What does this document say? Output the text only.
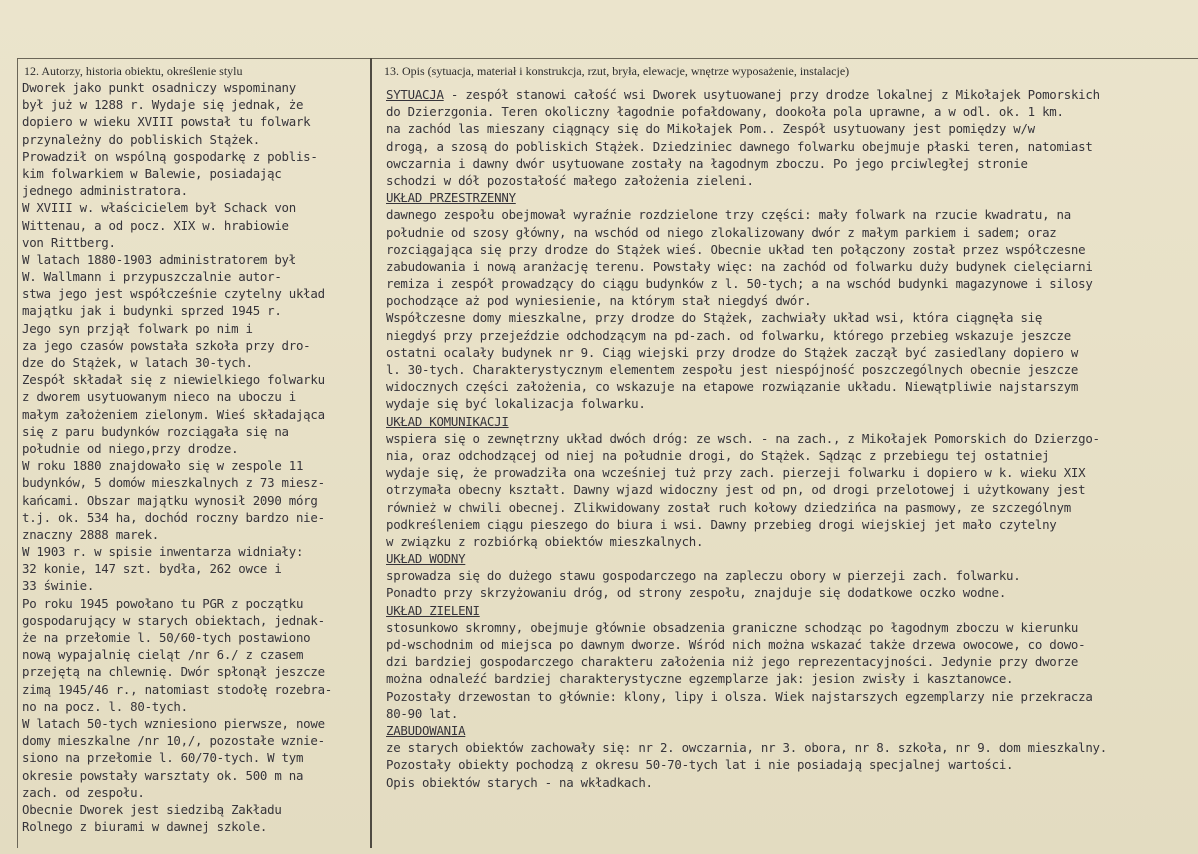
12. Autorzy, historia obiektu, określenie stylu	13. Opis (sytuacja, materiał i konstrukcja, rzut, bryła, elewacje, wnętrze wyposażenie, instalacje)
Dworek jako punkt osadniczy wspominany
był już w 1288 r. Wydaje się jednak, że
dopiero w wieku XVIII powstał tu folwark
przynależny do pobliskich Stążek.
Prowadził on wspólną gospodarkę z poblis-
kim folwarkiem w Balewie, posiadając
jednego administratora.
W XVIII w. właścicielem był Schack von
Wittenau, a od pocz. XIX w. hrabiowie
von Rittberg.
W latach 1880-1903 administratorem był
W. Wallmann i przypuszczalnie autor-
stwa jego jest współcześnie czytelny układ
majątku jak i budynki sprzed 1945 r.
Jego syn przjął folwark po nim i
za jego czasów powstała szkoła przy dro-
dze do Stążek, w latach 30-tych.
Zespół składał się z niewielkiego folwarku
z dworem usytuowanym nieco na uboczu i
małym założeniem zielonym. Wieś składająca
się z paru budynków rozciągała się na
południe od niego,przy drodze.
W roku 1880 znajdowało się w zespole 11
budynków, 5 domów mieszkalnych z 73 miesz-
kańcami. Obszar majątku wynosił 2090 mórg
t.j. ok. 534 ha, dochód roczny bardzo nie-
znaczny 2888 marek.
W 1903 r. w spisie inwentarza widniały:
32 konie, 147 szt. bydła, 262 owce i
33 świnie.
Po roku 1945 powołano tu PGR z początku
gospodarujący w starych obiektach, jednak-
że na przełomie l. 50/60-tych postawiono
nową wypajalnię cieląt /nr 6./ z czasem
przejętą na chlewnię. Dwór spłonął jeszcze
zimą 1945/46 r., natomiast stodołę rozebra-
no na pocz. l. 80-tych.
W latach 50-tych wzniesiono pierwsze, nowe
domy mieszkalne /nr 10,/, pozostałe wznie-
siono na przełomie l. 60/70-tych. W tym
okresie powstały warsztaty ok. 500 m na
zach. od zespołu.
Obecnie Dworek jest siedzibą Zakładu
Rolnego z biurami w dawnej szkole.
SYTUACJA - zespół stanowi całość wsi Dworek usytuowanej przy drodze lokalnej z Mikołajek Pomorskich
do Dzierzgonia. Teren okoliczny łagodnie pofałdowany, dookoła pola uprawne, a w odl. ok. 1 km.
na zachód las mieszany ciągnący się do Mikołajek Pom.. Zespół usytuowany jest pomiędzy w/w
drogą, a szosą do pobliskich Stążek. Dziedziniec dawnego folwarku obejmuje płaski teren, natomiast
owczarnia i dawny dwór usytuowane zostały na łagodnym zboczu. Po jego prciwległej stronie
schodzi w dół pozostałość małego założenia zieleni.
UKŁAD PRZESTRZENNY
dawnego zespołu obejmował wyraźnie rozdzielone trzy części: mały folwark na rzucie kwadratu, na
południe od szosy główny, na wschód od niego zlokalizowany dwór z małym parkiem i sadem; oraz
rozciągająca się przy drodze do Stążek wieś. Obecnie układ ten połączony został przez współczesne
zabudowania i nową aranżację terenu. Powstały więc: na zachód od folwarku duży budynek cielęciarni
remiza i zespół prowadzący do ciągu budynków z l. 50-tych; a na wschód budynki magazynowe i silosy
pochodzące aż pod wyniesienie, na którym stał niegdyś dwór.
Współczesne domy mieszkalne, przy drodze do Stążek, zachwiały układ wsi, która ciągnęła się
niegdyś przy przejeździe odchodzącym na pd-zach. od folwarku, którego przebieg wskazuje jeszcze
ostatni ocalały budynek nr 9. Ciąg wiejski przy drodze do Stążek zaczął być zasiedlany dopiero w
l. 30-tych. Charakterystycznym elementem zespołu jest niespójność poszczególnych obecnie jeszcze
widocznych części założenia, co wskazuje na etapowe rozwiązanie układu. Niewątpliwie najstarszym
wydaje się być lokalizacja folwarku.
UKŁAD KOMUNIKACJI
wspiera się o zewnętrzny układ dwóch dróg: ze wsch. - na zach., z Mikołajek Pomorskich do Dzierzgo-
nia, oraz odchodzącej od niej na południe drogi, do Stążek. Sądząc z przebiegu tej ostatniej
wydaje się, że prowadziła ona wcześniej tuż przy zach. pierzeji folwarku i dopiero w k. wieku XIX
otrzymała obecny kształt. Dawny wjazd widoczny jest od pn, od drogi przelotowej i użytkowany jest
również w chwili obecnej. Zlikwidowany został ruch kołowy dziedzińca na pasmowy, ze szczególnym
podkreśleniem ciągu pieszego do biura i wsi. Dawny przebieg drogi wiejskiej jet mało czytelny
w związku z rozbiórką obiektów mieszkalnych.
UKŁAD WODNY
sprowadza się do dużego stawu gospodarczego na zapleczu obory w pierzeji zach. folwarku.
Ponadto przy skrzyżowaniu dróg, od strony zespołu, znajduje się dodatkowe oczko wodne.
UKŁAD ZIELENI
stosunkowo skromny, obejmuje głównie obsadzenia graniczne schodząc po łagodnym zboczu w kierunku
pd-wschodnim od miejsca po dawnym dworze. Wśród nich można wskazać także drzewa owocowe, co dowo-
dzi bardziej gospodarczego charakteru założenia niż jego reprezentacyjności. Jedynie przy dworze
można odnaleźć bardziej charakterystyczne egzemplarze jak: jesion zwisły i kasztanowce.
Pozostały drzewostan to głównie: klony, lipy i olsza. Wiek najstarszych egzemplarzy nie przekracza
80-90 lat.
ZABUDOWANIA
ze starych obiektów zachowały się: nr 2. owczarnia, nr 3. obora, nr 8. szkoła, nr 9. dom mieszkalny.
Pozostały obiekty pochodzą z okresu 50-70-tych lat i nie posiadają specjalnej wartości.
Opis obiektów starych - na wkładkach.
